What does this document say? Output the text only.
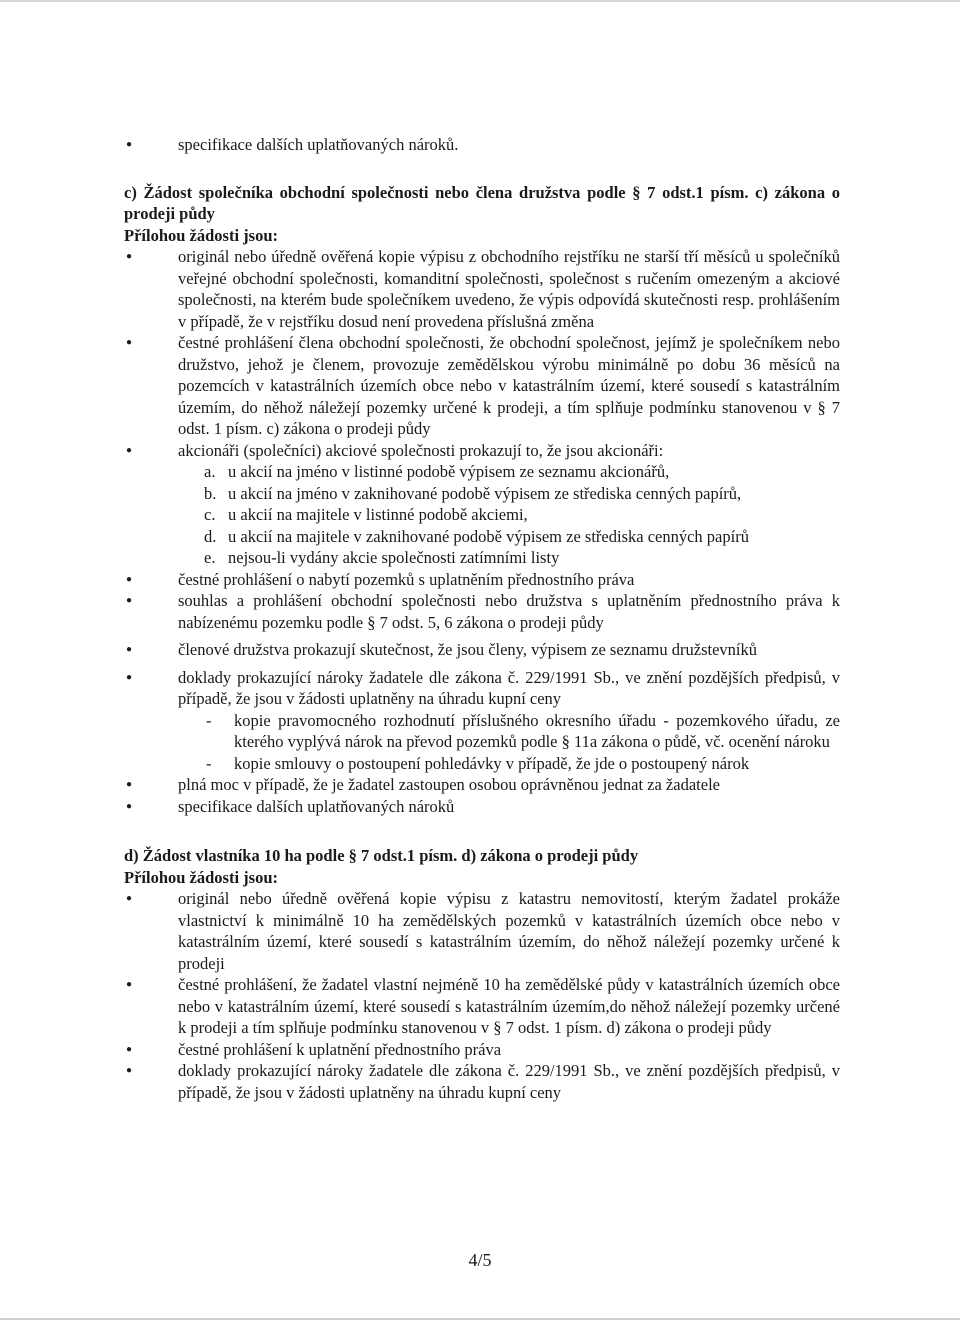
● specifikace dalších uplatňovaných nároků.
c) Žádost společníka obchodní společnosti nebo člena družstva podle § 7 odst.1 písm. c) zákona o prodeji půdy
Přílohou žádosti jsou:
● originál nebo úředně ověřená kopie výpisu z obchodního rejstříku ne starší tří měsíců u společníků veřejné obchodní společnosti, komanditní společnosti, společnost s ručením omezeným a akciové společnosti, na kterém bude společníkem uvedeno, že výpis odpovídá skutečnosti resp. prohlášením v případě, že v rejstříku dosud není provedena příslušná změna
● čestné prohlášení člena obchodní společnosti, že obchodní společnost, jejímž je společníkem nebo družstvo, jehož je členem, provozuje zemědělskou výrobu minimálně po dobu 36 měsíců na pozemcích v katastrálních územích obce nebo v katastrálním území, které sousedí s katastrálním územím, do něhož náležejí pozemky určené k prodeji, a tím splňuje podmínku stanovenou v § 7 odst. 1 písm. c) zákona o prodeji půdy
● akcionáři (společníci) akciové společnosti prokazují to, že jsou akcionáři:
a. u akcií na jméno v listinné podobě výpisem ze seznamu akcionářů,
b. u akcií na jméno v zaknihované podobě výpisem ze střediska cenných papírů,
c. u akcií na majitele v listinné podobě akciemi,
d. u akcií na majitele v zaknihované podobě výpisem ze střediska cenných papírů
e. nejsou-li vydány akcie společnosti zatímními listy
● čestné prohlášení o nabytí pozemků s uplatněním přednostního práva
● souhlas a prohlášení obchodní společnosti nebo družstva s uplatněním přednostního práva k nabízenému pozemku podle § 7 odst. 5, 6 zákona o prodeji půdy
● členové družstva prokazují skutečnost, že jsou členy, výpisem ze seznamu družstevníků
● doklady prokazující nároky žadatele dle zákona č. 229/1991 Sb., ve znění pozdějších předpisů, v případě, že jsou v žádosti uplatněny na úhradu kupní ceny
-	kopie pravomocného rozhodnutí příslušného okresního úřadu - pozemkového úřadu, ze kterého vyplývá nárok na převod pozemků podle § 11a zákona o půdě, vč. ocenění nároku
-	kopie smlouvy o postoupení pohledávky v případě, že jde o postoupený nárok
● plná moc v případě, že je žadatel zastoupen osobou oprávněnou jednat za žadatele
● specifikace dalších uplatňovaných nároků
d) Žádost vlastníka 10 ha podle § 7 odst.1 písm. d) zákona o prodeji půdy
Přílohou žádosti jsou:
● originál nebo úředně ověřená kopie výpisu z katastru nemovitostí, kterým žadatel prokáže vlastnictví k minimálně 10 ha zemědělských pozemků v katastrálních územích obce nebo v katastrálním území, které sousedí s katastrálním územím, do něhož náležejí pozemky určené k prodeji
● čestné prohlášení, že žadatel vlastní nejméně 10 ha zemědělské půdy v katastrálních územích obce nebo v katastrálním území, které sousedí s katastrálním územím,do něhož náležejí pozemky určené k prodeji a tím splňuje podmínku stanovenou v § 7 odst. 1 písm. d) zákona o prodeji půdy
● čestné prohlášení k uplatnění přednostního práva
● doklady prokazující nároky žadatele dle zákona č. 229/1991 Sb., ve znění pozdějších předpisů, v případě, že jsou v žádosti uplatněny na úhradu kupní ceny
4/5
